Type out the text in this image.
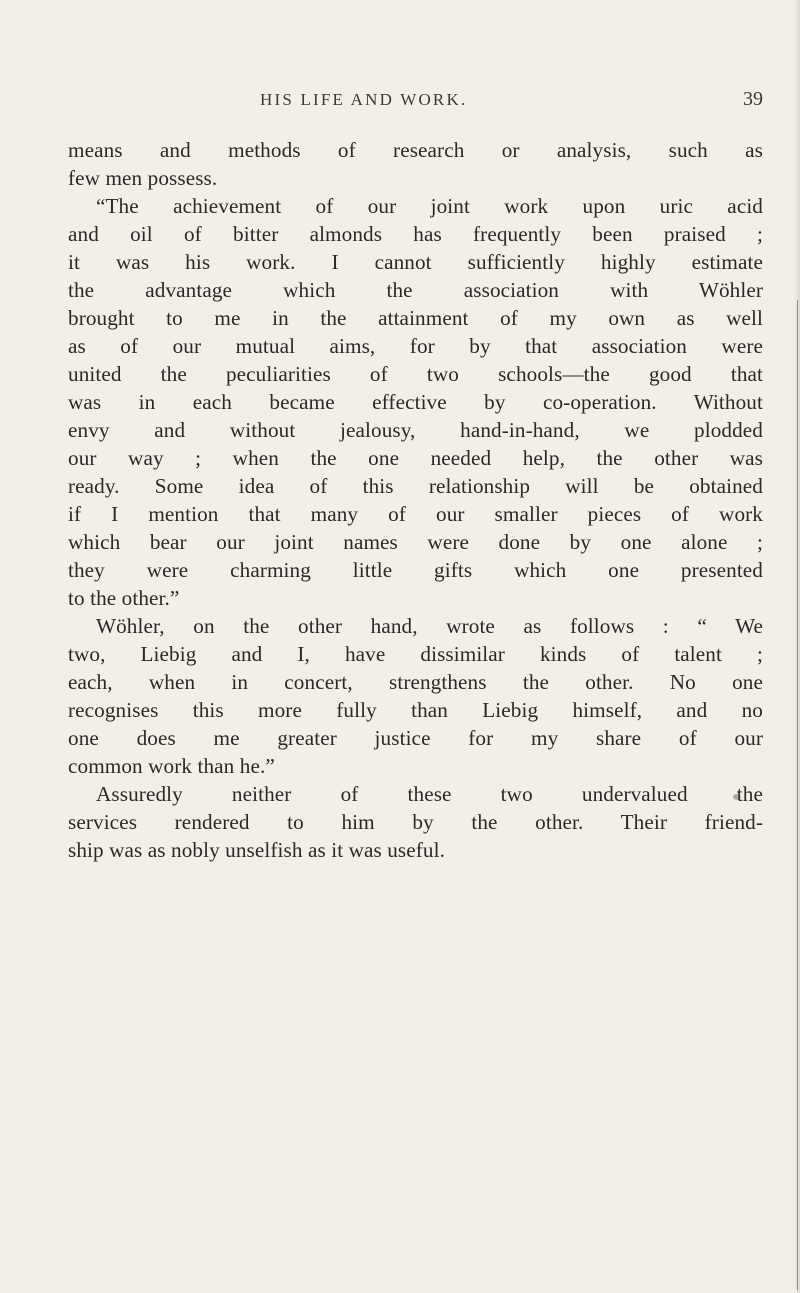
HIS LIFE AND WORK.	39
means and methods of research or analysis, such as
few men possess.
“The achievement of our joint work upon uric acid
and oil of bitter almonds has frequently been praised ;
it was his work. I cannot sufficiently highly estimate
the advantage which the association with Wöhler
brought to me in the attainment of my own as well
as of our mutual aims, for by that association were
united the peculiarities of two schools—the good that
was in each became effective by co-operation. Without
envy and without jealousy, hand-in-hand, we plodded
our way ; when the one needed help, the other was
ready. Some idea of this relationship will be obtained
if I mention that many of our smaller pieces of work
which bear our joint names were done by one alone ;
they were charming little gifts which one presented
to the other.”
Wöhler, on the other hand, wrote as follows : “ We
two, Liebig and I, have dissimilar kinds of talent ;
each, when in concert, strengthens the other. No one
recognises this more fully than Liebig himself, and no
one does me greater justice for my share of our
common work than he.”
Assuredly neither of these two undervalued the
services rendered to him by the other. Their friend-
ship was as nobly unselfish as it was useful.
